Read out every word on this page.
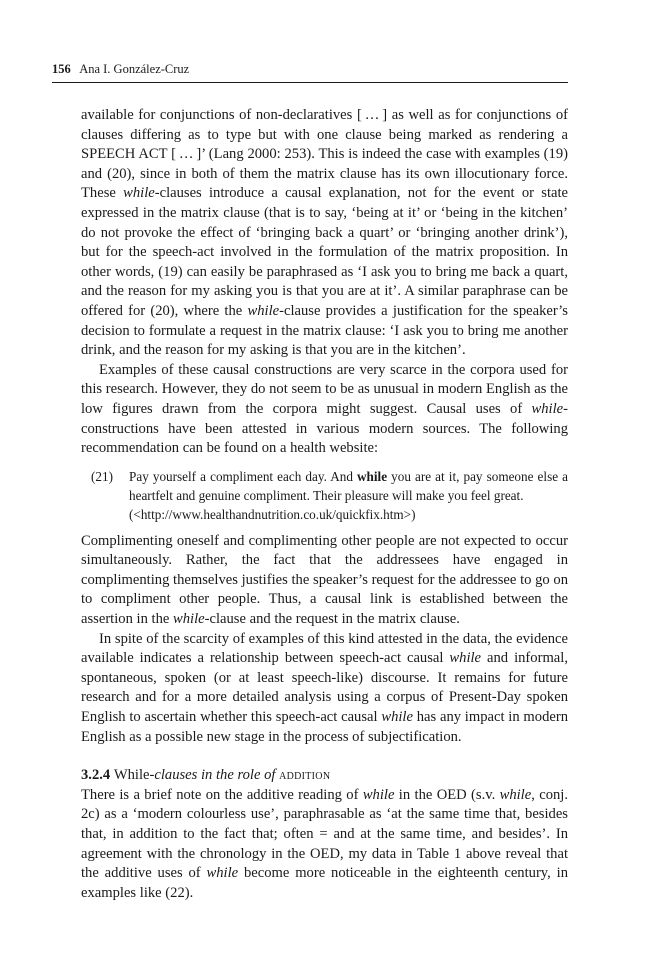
156 Ana I. González-Cruz

available for conjunctions of non-declaratives [ … ] as well as for conjunctions of clauses differing as to type but with one clause being marked as rendering a SPEECH ACT [ … ]’ (Lang 2000: 253). This is indeed the case with examples (19) and (20), since in both of them the matrix clause has its own illocutionary force. These while-clauses introduce a causal explanation, not for the event or state expressed in the matrix clause (that is to say, ‘being at it’ or ‘being in the kitchen’ do not provoke the effect of ‘bringing back a quart’ or ‘bringing another drink’), but for the speech-act involved in the formulation of the matrix proposition. In other words, (19) can easily be paraphrased as ‘I ask you to bring me back a quart, and the reason for my asking you is that you are at it’. A similar paraphrase can be offered for (20), where the while-clause provides a justification for the speaker’s decision to formulate a request in the matrix clause: ‘I ask you to bring me another drink, and the reason for my asking is that you are in the kitchen’.

Examples of these causal constructions are very scarce in the corpora used for this research. However, they do not seem to be as unusual in modern English as the low figures drawn from the corpora might suggest. Causal uses of while-constructions have been attested in various modern sources. The following recommendation can be found on a health website:

(21)	Pay yourself a compliment each day. And while you are at it, pay someone else a heartfelt and genuine compliment. Their pleasure will make you feel great.
(<http://www.healthandnutrition.co.uk/quickfix.htm>)

Complimenting oneself and complimenting other people are not expected to occur simultaneously. Rather, the fact that the addressees have engaged in complimenting themselves justifies the speaker’s request for the addressee to go on to compliment other people. Thus, a causal link is established between the assertion in the while-clause and the request in the matrix clause.

In spite of the scarcity of examples of this kind attested in the data, the evidence available indicates a relationship between speech-act causal while and informal, spontaneous, spoken (or at least speech-like) discourse. It remains for future research and for a more detailed analysis using a corpus of Present-Day spoken English to ascertain whether this speech-act causal while has any impact in modern English as a possible new stage in the process of subjectification.

3.2.4 While-clauses in the role of addition

There is a brief note on the additive reading of while in the OED (s.v. while, conj. 2c) as a ‘modern colourless use’, paraphrasable as ‘at the same time that, besides that, in addition to the fact that; often = and at the same time, and besides’. In agreement with the chronology in the OED, my data in Table 1 above reveal that the additive uses of while become more noticeable in the eighteenth century, in examples like (22).
